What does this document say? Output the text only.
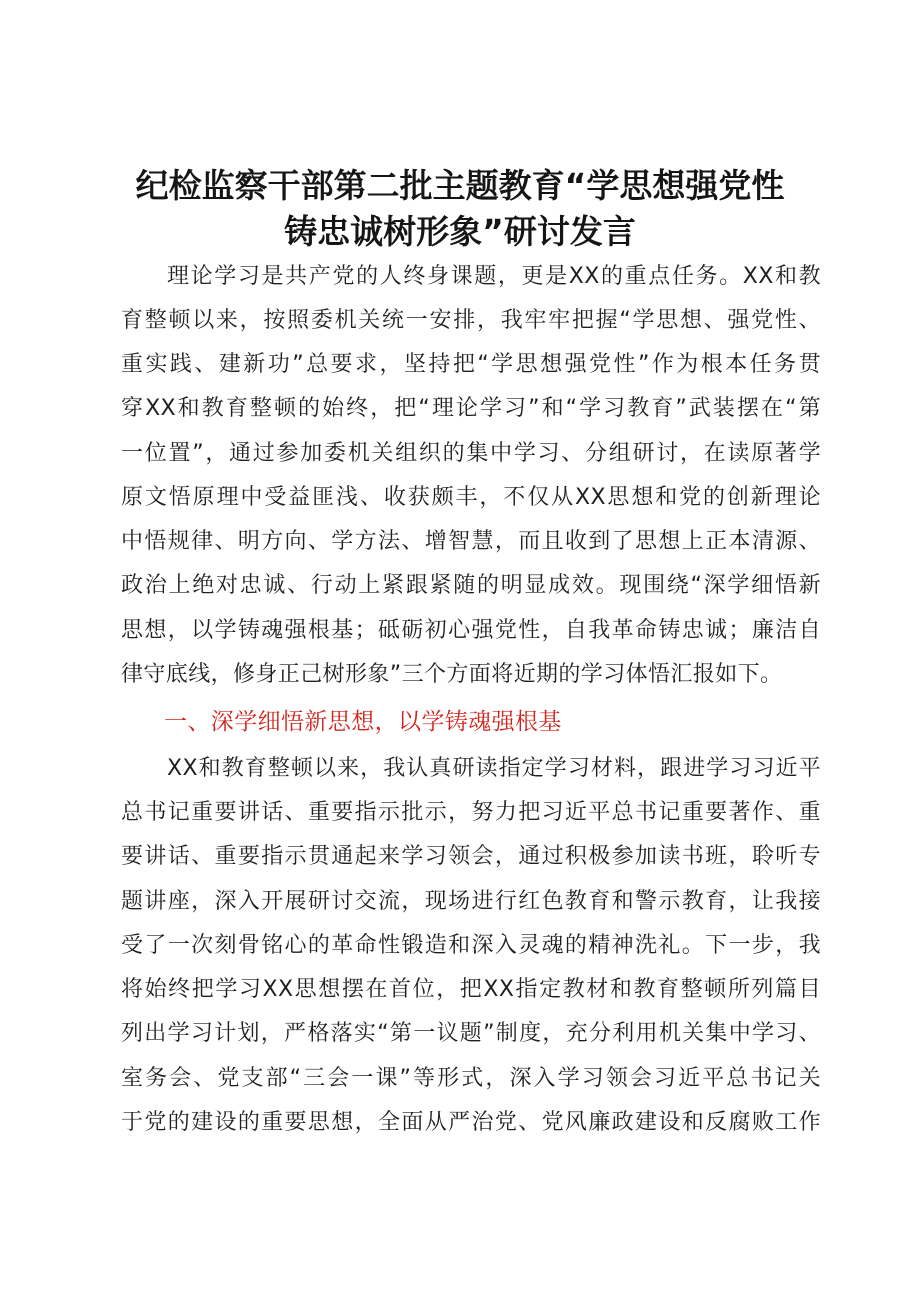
纪检监察干部第二批主题教育“学思想强党性
铸忠诚树形象”研讨发言
理论学习是共产党的人终身课题，更是XX的重点任务。XX和教
育整顿以来，按照委机关统一安排，我牢牢把握“学思想、强党性、
重实践、建新功”总要求，坚持把“学思想强党性”作为根本任务贯
穿XX和教育整顿的始终，把“理论学习”和“学习教育”武装摆在“第
一位置”，通过参加委机关组织的集中学习、分组研讨，在读原著学
原文悟原理中受益匪浅、收获颇丰，不仅从XX思想和党的创新理论
中悟规律、明方向、学方法、增智慧，而且收到了思想上正本清源、
政治上绝对忠诚、行动上紧跟紧随的明显成效。现围绕“深学细悟新
思想，以学铸魂强根基；砥砺初心强党性，自我革命铸忠诚；廉洁自
律守底线，修身正己树形象”三个方面将近期的学习体悟汇报如下。
一、深学细悟新思想，以学铸魂强根基
XX和教育整顿以来，我认真研读指定学习材料，跟进学习习近平
总书记重要讲话、重要指示批示，努力把习近平总书记重要著作、重
要讲话、重要指示贯通起来学习领会，通过积极参加读书班，聆听专
题讲座，深入开展研讨交流，现场进行红色教育和警示教育，让我接
受了一次刻骨铭心的革命性锻造和深入灵魂的精神洗礼。下一步，我
将始终把学习XX思想摆在首位，把XX指定教材和教育整顿所列篇目
列出学习计划，严格落实“第一议题”制度，充分利用机关集中学习、
室务会、党支部“三会一课”等形式，深入学习领会习近平总书记关
于党的建设的重要思想，全面从严治党、党风廉政建设和反腐败工作
